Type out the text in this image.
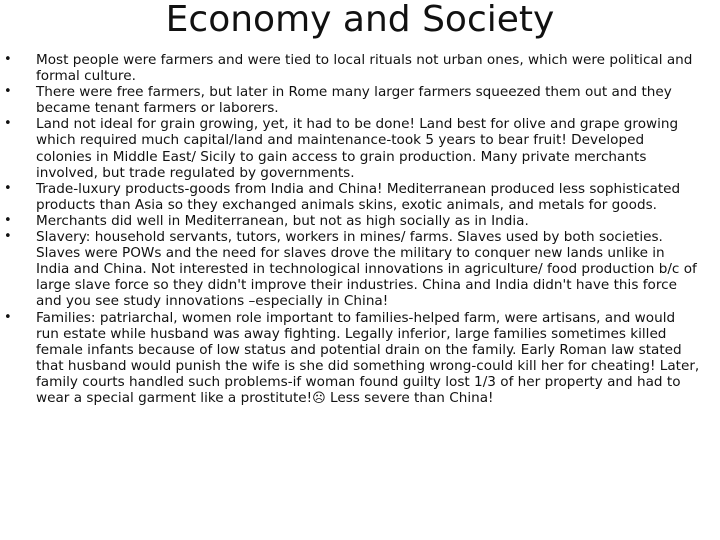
Economy and Society
• Most people were farmers and were tied to local rituals not urban ones, which were political and formal culture.
• There were free farmers, but later in Rome many larger farmers squeezed them out and they became tenant farmers or laborers.
• Land not ideal for grain growing, yet, it had to be done! Land best for olive and grape growing which required much capital/land and maintenance-took 5 years to bear fruit! Developed colonies in Middle East/ Sicily to gain access to grain production. Many private merchants involved, but trade regulated by governments.
• Trade-luxury products-goods from India and China! Mediterranean produced less sophisticated products than Asia so they exchanged animals skins, exotic animals, and metals for goods.
• Merchants did well in Mediterranean, but not as high socially as in India.
• Slavery: household servants, tutors, workers in mines/ farms. Slaves used by both societies. Slaves were POWs and the need for slaves drove the military to conquer new lands unlike in India and China. Not interested in technological innovations in agriculture/ food production b/c of large slave force so they didn't improve their industries. China and India didn't have this force and you see study innovations –especially in China!
• Families: patriarchal, women role important to families-helped farm, were artisans, and would run estate while husband was away fighting. Legally inferior, large families sometimes killed female infants because of low status and potential drain on the family. Early Roman law stated that husband would punish the wife is she did something wrong-could kill her for cheating! Later, family courts handled such problems-if woman found guilty lost 1/3 of her property and had to wear a special garment like a prostitute!☹ Less severe than China!
